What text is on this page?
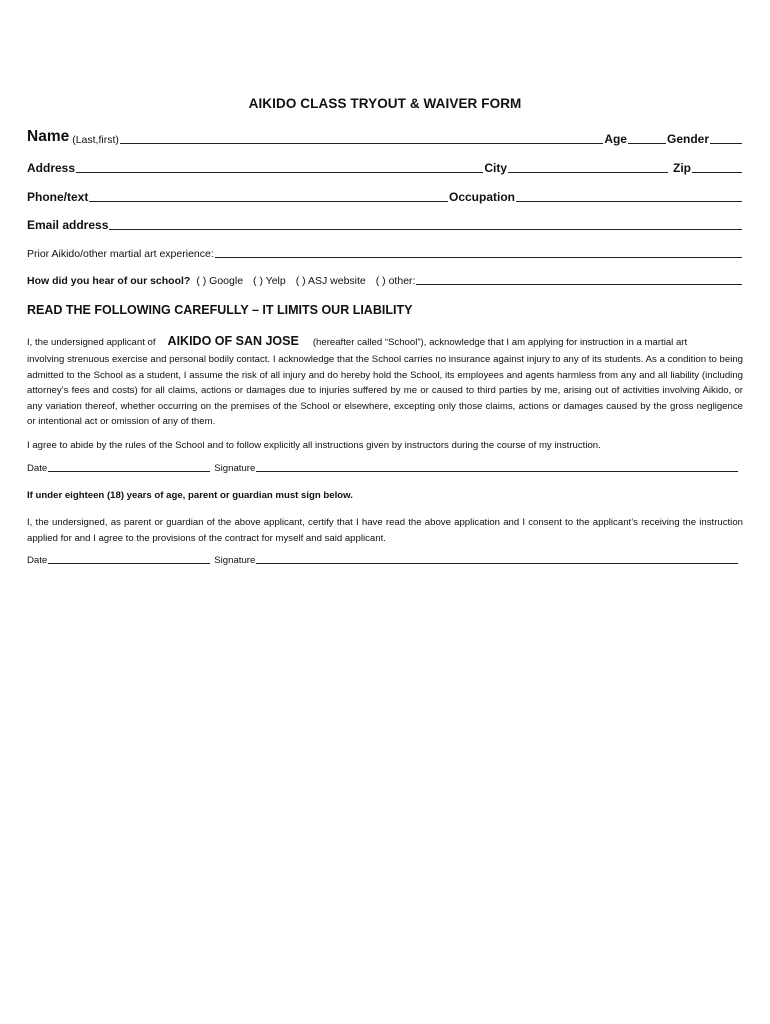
AIKIDO CLASS TRYOUT & WAIVER FORM
Name (Last,first)	Age	Gender
Address	City	Zip
Phone/text	Occupation
Email address
Prior Aikido/other martial art experience:
How did you hear of our school? ( ) Google ( ) Yelp ( ) ASJ website ( ) other:
READ THE FOLLOWING CAREFULLY – IT LIMITS OUR LIABILITY
I, the undersigned applicant of AIKIDO OF SAN JOSE (hereafter called “School”), acknowledge that I am applying for instruction in a martial art
involving strenuous exercise and personal bodily contact. I acknowledge that the School carries no insurance against injury to any of its students. As a condition to being admitted to the School as a student, I assume the risk of all injury and do hereby hold the School, its employees and agents harmless from any and all liability (including attorney’s fees and costs) for all claims, actions or damages due to injuries suffered by me or caused to third parties by me, arising out of activities involving Aikido, or any variation thereof, whether occurring on the premises of the School or elsewhere, excepting only those claims, actions or damages caused by the gross negligence or intentional act or omission of any of them.
I agree to abide by the rules of the School and to follow explicitly all instructions given by instructors during the course of my instruction.
Date	Signature
If under eighteen (18) years of age, parent or guardian must sign below.
I, the undersigned, as parent or guardian of the above applicant, certify that I have read the above application and I consent to the applicant’s receiving the instruction applied for and I agree to the provisions of the contract for myself and said applicant.
Date	Signature
